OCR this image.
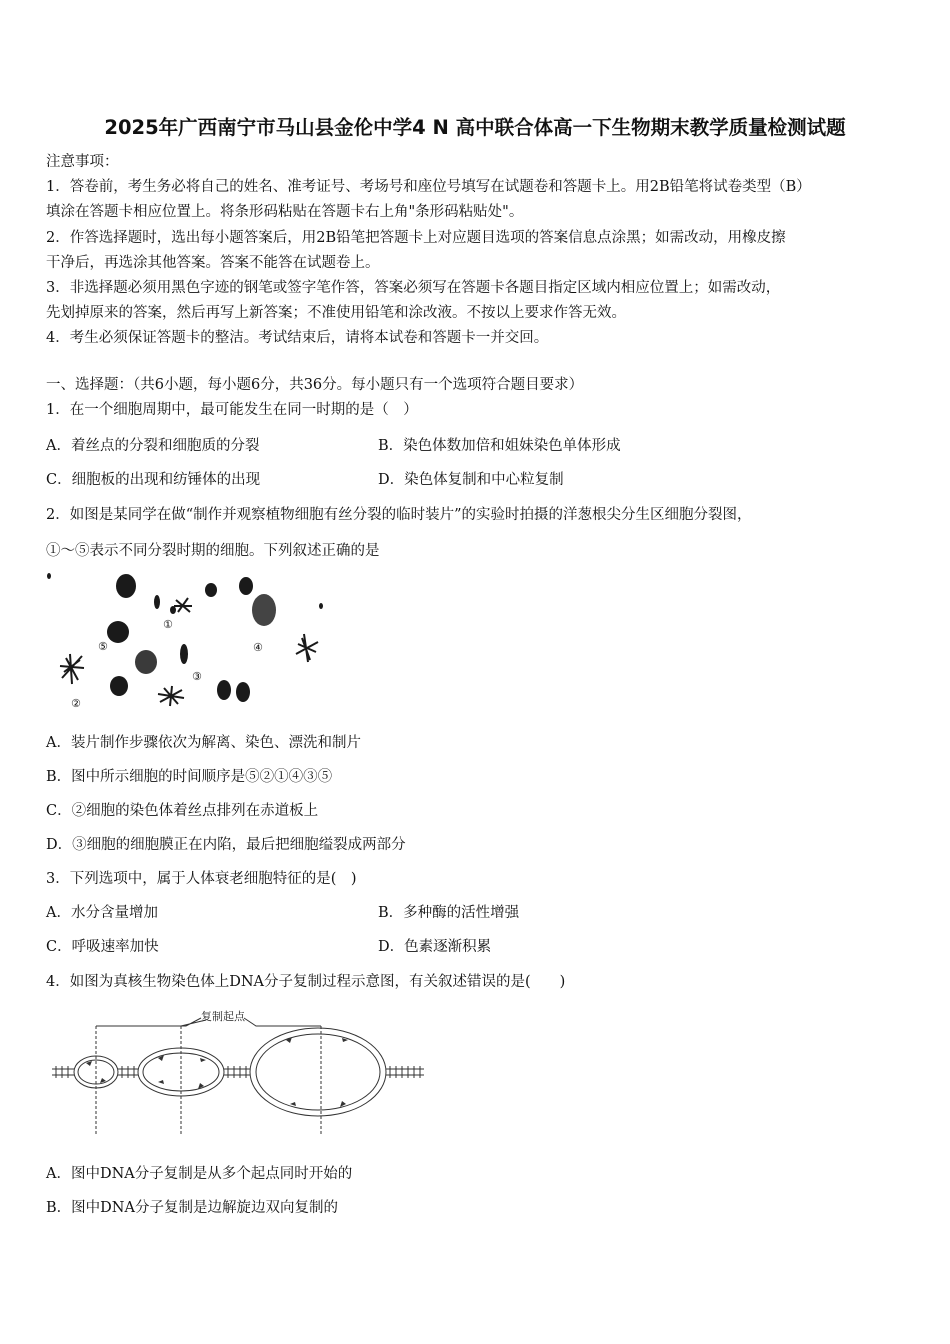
2025年广西南宁市马山县金伦中学4 N 高中联合体高一下生物期末教学质量检测试题
注意事项：
1．答卷前，考生务必将自己的姓名、准考证号、考场号和座位号填写在试题卷和答题卡上。用2B铅笔将试卷类型（B）
填涂在答题卡相应位置上。将条形码粘贴在答题卡右上角"条形码粘贴处"。
2．作答选择题时，选出每小题答案后，用2B铅笔把答题卡上对应题目选项的答案信息点涂黑；如需改动，用橡皮擦
干净后，再选涂其他答案。答案不能答在试题卷上。
3．非选择题必须用黑色字迹的钢笔或签字笔作答，答案必须写在答题卡各题目指定区域内相应位置上；如需改动，
先划掉原来的答案，然后再写上新答案；不准使用铅笔和涂改液。不按以上要求作答无效。
4．考生必须保证答题卡的整洁。考试结束后，请将本试卷和答题卡一并交回。
一、选择题：（共6小题，每小题6分，共36分。每小题只有一个选项符合题目要求）
1．在一个细胞周期中，最可能发生在同一时期的是（　）
A．着丝点的分裂和细胞质的分裂	B．染色体数加倍和姐妹染色单体形成
C．细胞板的出现和纺锤体的出现	D．染色体复制和中心粒复制
2．如图是某同学在做“制作并观察植物细胞有丝分裂的临时装片”的实验时拍摄的洋葱根尖分生区细胞分裂图，
①～⑤表示不同分裂时期的细胞。下列叙述正确的是
①
②
③
④
⑤
A．装片制作步骤依次为解离、染色、漂洗和制片
B．图中所示细胞的时间顺序是⑤②①④③⑤
C．②细胞的染色体着丝点排列在赤道板上
D．③细胞的细胞膜正在内陷，最后把细胞缢裂成两部分
3．下列选项中，属于人体衰老细胞特征的是(　)
A．水分含量增加	B．多种酶的活性增强
C．呼吸速率加快	D．色素逐渐积累
4．如图为真核生物染色体上DNA分子复制过程示意图，有关叙述错误的是(　　)
复制起点
A．图中DNA分子复制是从多个起点同时开始的
B．图中DNA分子复制是边解旋边双向复制的
